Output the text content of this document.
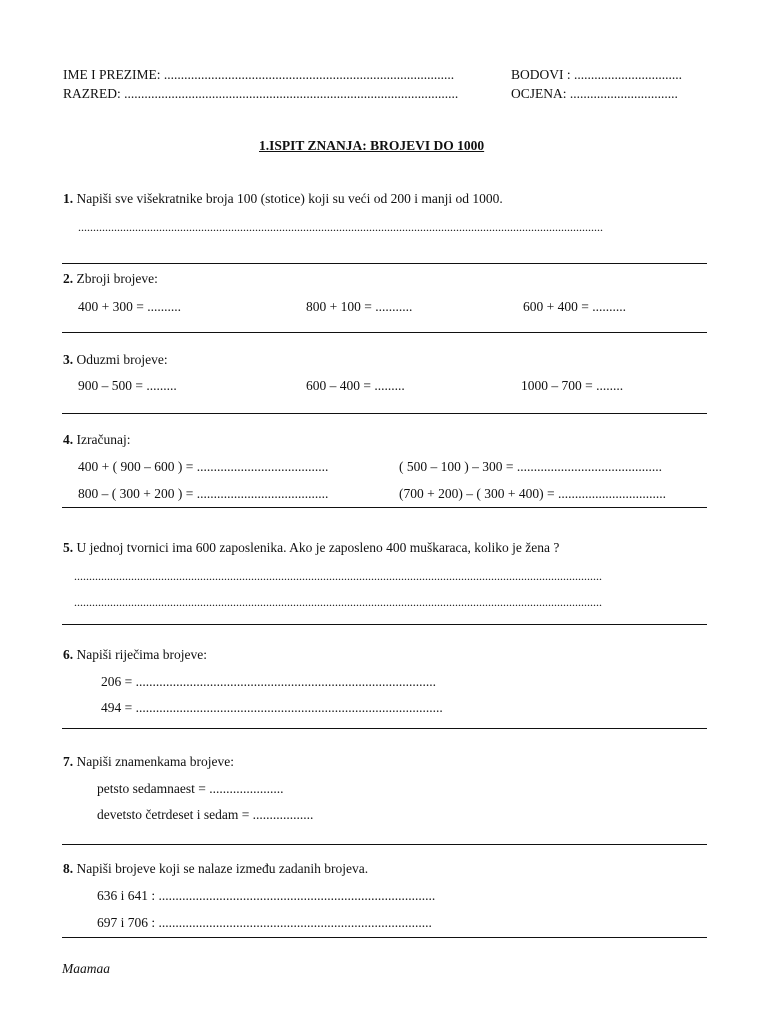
IME I PREZIME: ......................................................................................	BODOVI : ................................
RAZRED: ...................................................................................................	OCJENA: ................................
1.ISPIT ZNANJA: BROJEVI DO 1000
1. Napiši sve višekratnike broja 100 (stotice) koji su veći od 200 i manji od 1000.
...............................................................................................................................................................................
2. Zbroji brojeve:
400 + 300 = ..........	800 + 100 = ...........	600 + 400 = ..........
3. Oduzmi brojeve:
900 – 500 = .........	600 – 400 = .........	1000 – 700 = ........
4. Izračunaj:
400 + ( 900 – 600 ) = .......................................	( 500 – 100 ) – 300 = ...........................................
800 – ( 300 + 200 ) = .......................................	(700 + 200) – ( 300 + 400) = ................................
5. U jednoj tvornici ima 600 zaposlenika. Ako je zaposleno 400 muškaraca, koliko je žena ?
................................................................................................................................................................................
................................................................................................................................................................................
6. Napiši riječima brojeve:
206 = .........................................................................................
494 = ...........................................................................................
7. Napiši znamenkama brojeve:
petsto sedamnaest = ......................
devetsto četrdeset i sedam = ..................
8. Napiši brojeve koji se nalaze između zadanih brojeva.
636 i 641 : ..................................................................................
697 i 706 : .................................................................................
Maamaa
